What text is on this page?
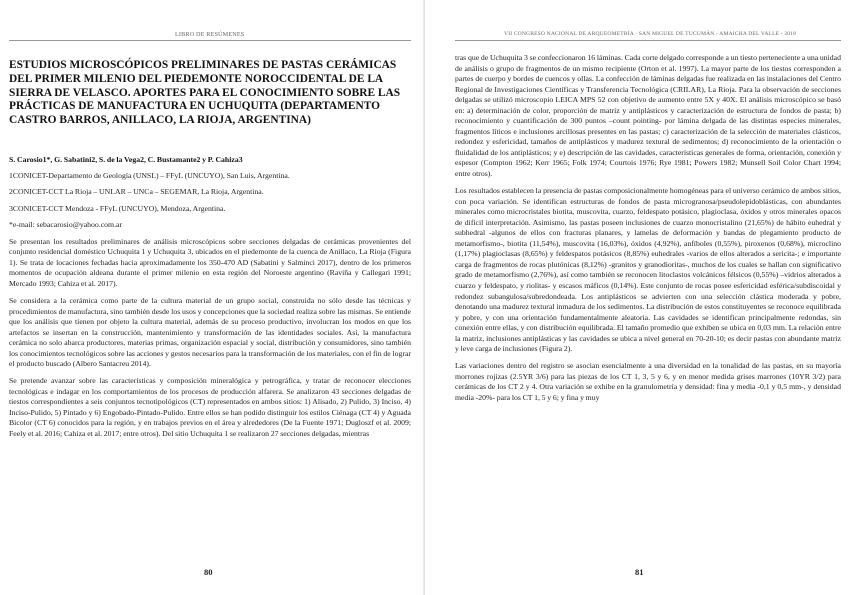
LIBRO DE RESÚMENES
ESTUDIOS MICROSCÓPICOS PRELIMINARES DE PASTAS CERÁMICAS DEL PRIMER MILENIO DEL PIEDEMONTE NOROCCIDENTAL DE LA SIERRA DE VELASCO. APORTES PARA EL CONOCIMIENTO SOBRE LAS PRÁCTICAS DE MANUFACTURA EN UCHUQUITA (DEPARTAMENTO CASTRO BARROS, ANILLACO, LA RIOJA, ARGENTINA)

S. Carosio1*, G. Sabatini2, S. de la Vega2, C. Bustamante2 y P. Cahiza3

1CONICET-Departamento de Geología (UNSL) – FFyL (UNCUYO), San Luis, Argentina.

2CONICET-CCT La Rioja – UNLAR – UNCa – SEGEMAR, La Rioja, Argentina.

3CONICET-CCT Mendoza - FFyL (UNCUYO), Mendoza, Argentina.

*e-mail: sebacarosio@yahoo.com.ar

Se presentan los resultados preliminares de análisis microscópicos sobre secciones delgadas de cerámicas provenientes del conjunto residencial doméstico Uchuquita 1 y Uchuquita 3, ubicados en el piedemonte de la cuenca de Anillaco, La Rioja (Figura 1). Se trata de locaciones fechadas hacia aproximadamente los 350-470 AD (Sabatini y Salminci 2017), dentro de los primeros momentos de ocupación aldeana durante el primer milenio en esta región del Noroeste argentino (Raviña y Callegari 1991; Mercado 1993; Cahiza et al. 2017).

Se considera a la cerámica como parte de la cultura material de un grupo social, construida no sólo desde las técnicas y procedimientos de manufactura, sino también desde los usos y concepciones que la sociedad realiza sobre las mismas. Se entiende que los análisis que tienen por objeto la cultura material, además de su proceso productivo, involucran los modos en que los artefactos se insertan en la construcción, mantenimiento y transformación de las identidades sociales. Así, la manufactura cerámica no solo abarca productores, materias primas, organización espacial y social, distribución y consumidores, sino también los conocimientos tecnológicos sobre las acciones y gestos necesarios para la transformación de los materiales, con el fin de lograr el producto buscado (Albero Santacreu 2014).

Se pretende avanzar sobre las características y composición mineralógica y petrográfica, y tratar de reconocer elecciones tecnológicas e indagar en los comportamientos de los procesos de producción alfarera. Se analizaron 43 secciones delgadas de tiestos correspondientes a seis conjuntos tecnotipológicos (CT) representados en ambos sitios: 1) Alisado, 2) Pulido, 3) Inciso, 4) Inciso-Pulido, 5) Pintado y 6) Engobado-Pintado-Pulido. Entre ellos se han podido distinguir los estilos Ciénaga (CT 4) y Aguada Bicolor (CT 6) conocidos para la región, y en trabajos previos en el área y alrededores (De la Fuente 1971; Dugloszf et al. 2009; Feely et al. 2016; Cahiza et al. 2017; entre otros). Del sitio Uchuquita 1 se realizaron 27 secciones delgadas, mientras

80
VII CONGRESO NACIONAL DE ARQUEOMETRÍA · SAN MIGUEL DE TUCUMÁN - AMAICHA DEL VALLE - 2018

tras que de Uchuquita 3 se confeccionaron 16 láminas. Cada corte delgado corresponde a un tiesto perteneciente a una unidad de análisis o grupo de fragmentos de un mismo recipiente (Orton et al. 1997). La mayor parte de los tiestos corresponden a partes de cuerpo y bordes de cuencos y ollas. La confección de láminas delgadas fue realizada en las instalaciones del Centro Regional de Investigaciones Científicas y Transferencia Tecnológica (CRILAR), La Rioja. Para la observación de secciones delgadas se utilizó microscopio LEICA MPS 52 con objetivo de aumento entre 5X y 40X. El análisis microscópico se basó en: a) determinación de color, proporción de matriz y antiplásticos y caracterización de estructura de fondos de pasta; b) reconocimiento y cuantificación de 300 puntos –count pointing- por lámina delgada de las distintas especies minerales, fragmentos líticos e inclusiones arcillosas presentes en las pastas; c) caracterización de la selección de materiales clásticos, redondez y esfericidad, tamaños de antiplásticos y madurez textural de sedimentos; d) reconocimiento de la orientación o fluidalidad de los antiplásticos; y e) descripción de las cavidades, características generales de forma, orientación, conexión y espesor (Compton 1962; Kerr 1965; Folk 1974; Courtois 1976; Rye 1981; Powers 1982; Munsell Soil Color Chart 1994; entre otros).

Los resultados establecen la presencia de pastas composicionalmente homogéneas para el universo cerámico de ambos sitios, con poca variación. Se identifican estructuras de fondos de pasta microgranosa/pseudolepidoblásticas, con abundantes minerales como microcristales biotita, muscovita, cuarzo, feldespato potásico, plagioclasa, óxidos y otros minerales opacos de difícil interpretación. Asimismo, las pastas poseen inclusiones de cuarzo monocristalino (21,65%) de hábito euhedral y subhedral -algunos de ellos con fracturas planares, y lamelas de deformación y bandas de plegamiento producto de metamorfismo-, biotita (11,54%), muscovita (16,03%), óxidos (4,92%), anfíboles (0,55%), piroxenos (0,68%), microclino (1,17%) plagioclasas (8,65%) y feldespatos potásicos (8,85%) euhedrales -varios de ellos alterados a sericita-; e importante carga de fragmentos de rocas plutónicas (8,12%) -granitos y granodioritas-, muchos de los cuales se hallan con significativo grado de metamorfismo (2,76%), así como también se reconocen litoclastos volcánicos félsicos (0,55%) –vidrios alterados a cuarzo y feldespato, y riolitas- y escasos máficos (0,14%). Este conjunto de rocas posee esfericidad esférica/subdiscoidal y redondez subangulosa/subredondeada. Los antiplásticos se advierten con una selección clástica moderada y pobre, denotando una madurez textural inmadura de los sedimentos. La distribución de estos constituyentes se reconoce equilibrada y pobre, y con una orientación fundamentalmente aleatoria. Las cavidades se identifican principalmente redondas, sin conexión entre ellas, y con distribución equilibrada. El tamaño promedio que exhiben se ubica en 0,03 mm. La relación entre la matriz, inclusiones antiplásticas y las cavidades se ubica a nivel general en 70-20-10; es decir pastas con abundante matriz y leve carga de inclusiones (Figura 2).

Las variaciones dentro del registro se asocian esencialmente a una diversidad en la tonalidad de las pastas, en su mayoría morrones rojizas (2.5YR 3/6) para las piezas de los CT 1, 3, 5 y 6, y en menor medida grises marrones (10YR 3/2) para cerámicas de los CT 2 y 4. Otra variación se exhibe en la granulometría y densidad: fina y media -0,1 y 0,5 mm-, y densidad media -20%- para los CT 1, 5 y 6; y fina y muy

81
